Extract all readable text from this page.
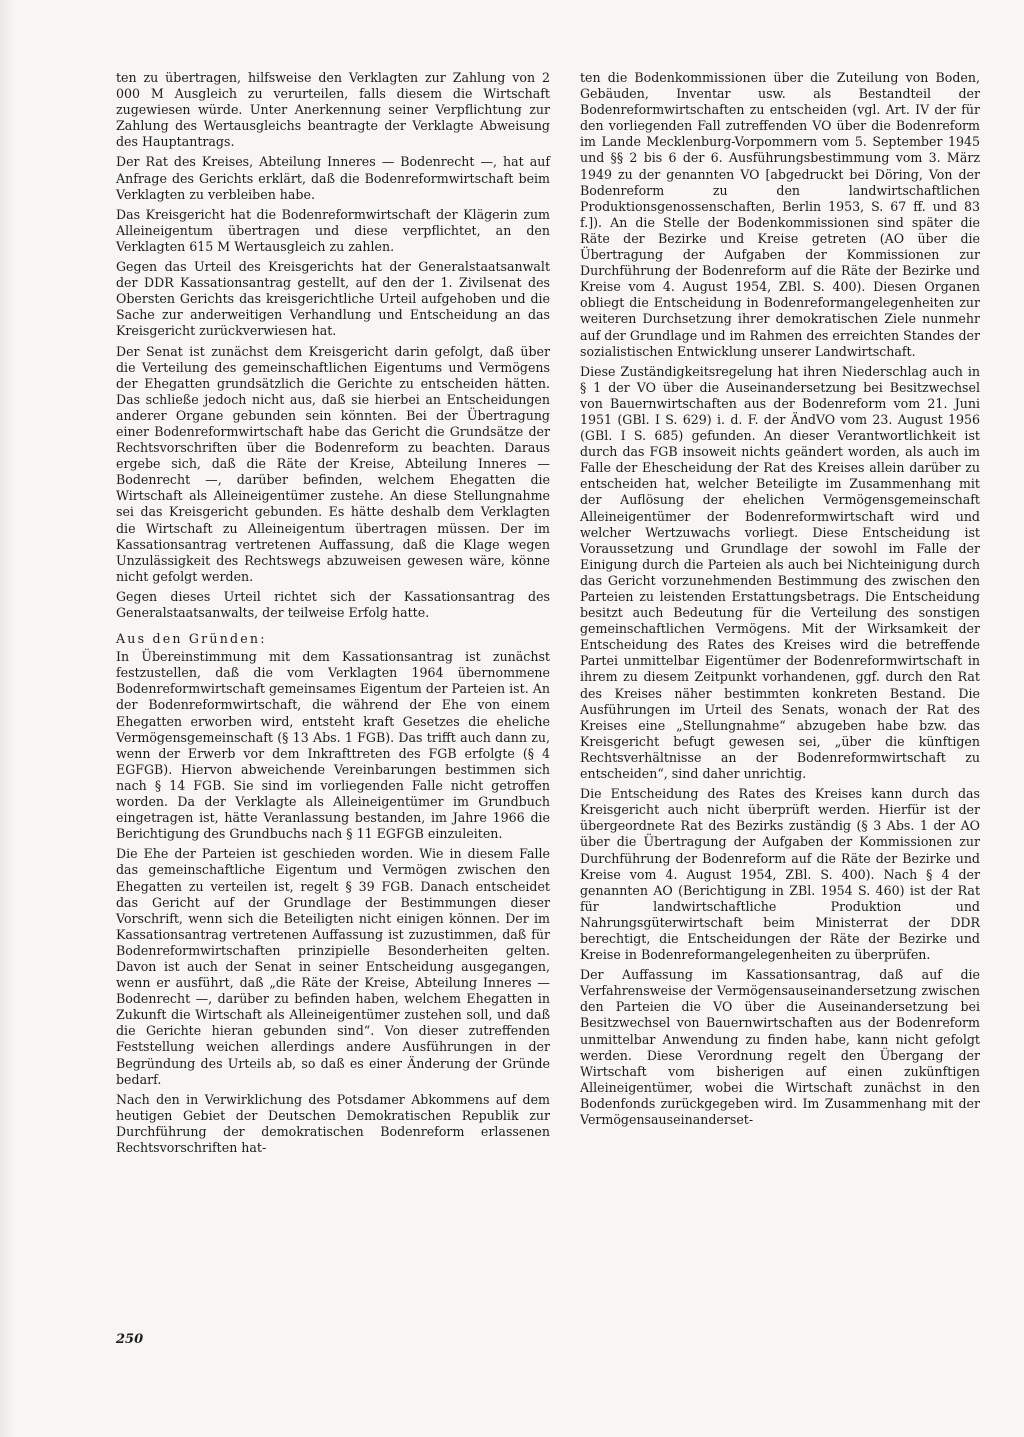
ten zu übertragen, hilfsweise den Verklagten zur Zahlung von 2 000 M Ausgleich zu verurteilen, falls diesem die Wirtschaft zugewiesen würde. Unter Anerkennung seiner Verpflichtung zur Zahlung des Wertausgleichs beantragte der Verklagte Abweisung des Hauptantrags.

Der Rat des Kreises, Abteilung Inneres — Bodenrecht —, hat auf Anfrage des Gerichts erklärt, daß die Bodenreformwirtschaft beim Verklagten zu verbleiben habe.

Das Kreisgericht hat die Bodenreformwirtschaft der Klägerin zum Alleineigentum übertragen und diese verpflichtet, an den Verklagten 615 M Wertausgleich zu zahlen.

Gegen das Urteil des Kreisgerichts hat der Generalstaatsanwalt der DDR Kassationsantrag gestellt, auf den der 1. Zivilsenat des Obersten Gerichts das kreisgerichtliche Urteil aufgehoben und die Sache zur anderweitigen Verhandlung und Entscheidung an das Kreisgericht zurückverwiesen hat.

Der Senat ist zunächst dem Kreisgericht darin gefolgt, daß über die Verteilung des gemeinschaftlichen Eigentums und Vermögens der Ehegatten grundsätzlich die Gerichte zu entscheiden hätten. Das schließe jedoch nicht aus, daß sie hierbei an Entscheidungen anderer Organe gebunden sein könnten. Bei der Übertragung einer Bodenreformwirtschaft habe das Gericht die Grundsätze der Rechtsvorschriften über die Bodenreform zu beachten. Daraus ergebe sich, daß die Räte der Kreise, Abteilung Inneres — Bodenrecht —, darüber befinden, welchem Ehegatten die Wirtschaft als Alleineigentümer zustehe. An diese Stellungnahme sei das Kreisgericht gebunden. Es hätte deshalb dem Verklagten die Wirtschaft zu Alleineigentum übertragen müssen. Der im Kassationsantrag vertretenen Auffassung, daß die Klage wegen Unzulässigkeit des Rechtswegs abzuweisen gewesen wäre, könne nicht gefolgt werden.

Gegen dieses Urteil richtet sich der Kassationsantrag des Generalstaatsanwalts, der teilweise Erfolg hatte.

Aus den Gründen:

In Übereinstimmung mit dem Kassationsantrag ist zunächst festzustellen, daß die vom Verklagten 1964 übernommene Bodenreformwirtschaft gemeinsames Eigentum der Parteien ist. An der Bodenreformwirtschaft, die während der Ehe von einem Ehegatten erworben wird, entsteht kraft Gesetzes die eheliche Vermögensgemeinschaft (§ 13 Abs. 1 FGB). Das trifft auch dann zu, wenn der Erwerb vor dem Inkrafttreten des FGB erfolgte (§ 4 EGFGB). Hiervon abweichende Vereinbarungen bestimmen sich nach § 14 FGB. Sie sind im vorliegenden Falle nicht getroffen worden. Da der Verklagte als Alleineigentümer im Grundbuch eingetragen ist, hätte Veranlassung bestanden, im Jahre 1966 die Berichtigung des Grundbuchs nach § 11 EGFGB einzuleiten.

Die Ehe der Parteien ist geschieden worden. Wie in diesem Falle das gemeinschaftliche Eigentum und Vermögen zwischen den Ehegatten zu verteilen ist, regelt § 39 FGB. Danach entscheidet das Gericht auf der Grundlage der Bestimmungen dieser Vorschrift, wenn sich die Beteiligten nicht einigen können. Der im Kassationsantrag vertretenen Auffassung ist zuzustimmen, daß für Bodenreformwirtschaften prinzipielle Besonderheiten gelten. Davon ist auch der Senat in seiner Entscheidung ausgegangen, wenn er ausführt, daß „die Räte der Kreise, Abteilung Inneres — Bodenrecht —, darüber zu befinden haben, welchem Ehegatten in Zukunft die Wirtschaft als Alleineigentümer zustehen soll, und daß die Gerichte hieran gebunden sind“. Von dieser zutreffenden Feststellung weichen allerdings andere Ausführungen in der Begründung des Urteils ab, so daß es einer Änderung der Gründe bedarf.

Nach den in Verwirklichung des Potsdamer Abkommens auf dem heutigen Gebiet der Deutschen Demokratischen Republik zur Durchführung der demokratischen Bodenreform erlassenen Rechtsvorschriften hat-

ten die Bodenkommissionen über die Zuteilung von Boden, Gebäuden, Inventar usw. als Bestandteil der Bodenreformwirtschaften zu entscheiden (vgl. Art. IV der für den vorliegenden Fall zutreffenden VO über die Bodenreform im Lande Mecklenburg-Vorpommern vom 5. September 1945 und §§ 2 bis 6 der 6. Ausführungsbestimmung vom 3. März 1949 zu der genannten VO [abgedruckt bei Döring, Von der Bodenreform zu den landwirtschaftlichen Produktionsgenossenschaften, Berlin 1953, S. 67 ff. und 83 f.]). An die Stelle der Bodenkommissionen sind später die Räte der Bezirke und Kreise getreten (AO über die Übertragung der Aufgaben der Kommissionen zur Durchführung der Bodenreform auf die Räte der Bezirke und Kreise vom 4. August 1954, ZBl. S. 400). Diesen Organen obliegt die Entscheidung in Bodenreformangelegenheiten zur weiteren Durchsetzung ihrer demokratischen Ziele nunmehr auf der Grundlage und im Rahmen des erreichten Standes der sozialistischen Entwicklung unserer Landwirtschaft.

Diese Zuständigkeitsregelung hat ihren Niederschlag auch in § 1 der VO über die Auseinandersetzung bei Besitzwechsel von Bauernwirtschaften aus der Bodenreform vom 21. Juni 1951 (GBl. I S. 629) i. d. F. der ÄndVO vom 23. August 1956 (GBl. I S. 685) gefunden. An dieser Verantwortlichkeit ist durch das FGB insoweit nichts geändert worden, als auch im Falle der Ehescheidung der Rat des Kreises allein darüber zu entscheiden hat, welcher Beteiligte im Zusammenhang mit der Auflösung der ehelichen Vermögensgemeinschaft Alleineigentümer der Bodenreformwirtschaft wird und welcher Wertzuwachs vorliegt. Diese Entscheidung ist Voraussetzung und Grundlage der sowohl im Falle der Einigung durch die Parteien als auch bei Nichteinigung durch das Gericht vorzunehmenden Bestimmung des zwischen den Parteien zu leistenden Erstattungsbetrags. Die Entscheidung besitzt auch Bedeutung für die Verteilung des sonstigen gemeinschaftlichen Vermögens. Mit der Wirksamkeit der Entscheidung des Rates des Kreises wird die betreffende Partei unmittelbar Eigentümer der Bodenreformwirtschaft in ihrem zu diesem Zeitpunkt vorhandenen, ggf. durch den Rat des Kreises näher bestimmten konkreten Bestand. Die Ausführungen im Urteil des Senats, wonach der Rat des Kreises eine „Stellungnahme“ abzugeben habe bzw. das Kreisgericht befugt gewesen sei, „über die künftigen Rechtsverhältnisse an der Bodenreformwirtschaft zu entscheiden“, sind daher unrichtig.

Die Entscheidung des Rates des Kreises kann durch das Kreisgericht auch nicht überprüft werden. Hierfür ist der übergeordnete Rat des Bezirks zuständig (§ 3 Abs. 1 der AO über die Übertragung der Aufgaben der Kommissionen zur Durchführung der Bodenreform auf die Räte der Bezirke und Kreise vom 4. August 1954, ZBl. S. 400). Nach § 4 der genannten AO (Berichtigung in ZBl. 1954 S. 460) ist der Rat für landwirtschaftliche Produktion und Nahrungsgüterwirtschaft beim Ministerrat der DDR berechtigt, die Entscheidungen der Räte der Bezirke und Kreise in Bodenreformangelegenheiten zu überprüfen.

Der Auffassung im Kassationsantrag, daß auf die Verfahrensweise der Vermögensauseinandersetzung zwischen den Parteien die VO über die Auseinandersetzung bei Besitzwechsel von Bauernwirtschaften aus der Bodenreform unmittelbar Anwendung zu finden habe, kann nicht gefolgt werden. Diese Verordnung regelt den Übergang der Wirtschaft vom bisherigen auf einen zukünftigen Alleineigentümer, wobei die Wirtschaft zunächst in den Bodenfonds zurückgegeben wird. Im Zusammenhang mit der Vermögensauseinanderset-

250
